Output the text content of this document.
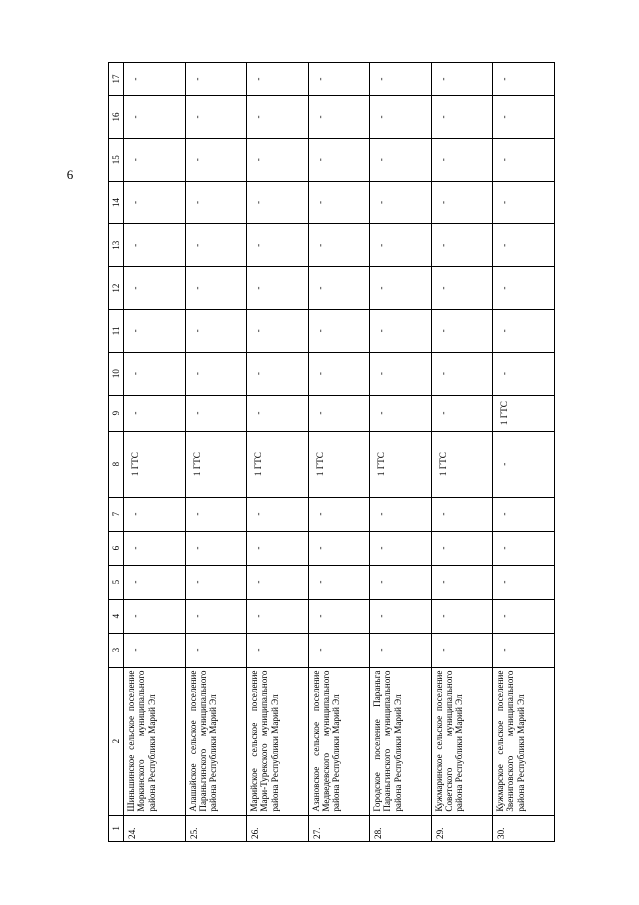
6
1	2	3	4	5	6	7	8	9	10	11	12	13	14	15	16	17
24.	Шиньшинское сельское поселение Моркинского муниципального района Республики Марий Эл	-	-	-	-	-	1 ГТС	-	-	-	-	-	-	-	-	-
25.	Алашайское сельское поселение Параньгинского муниципального района Республики Марий Эл	-	-	-	-	-	1 ГТС	-	-	-	-	-	-	-	-	-
26.	Марийское сельское поселение Мари-Турекского муниципального района Республики Марий Эл	-	-	-	-	-	1 ГТС	-	-	-	-	-	-	-	-	-
27.	Азановское сельское поселение Медведевского муниципального района Республики Марий Эл	-	-	-	-	-	1 ГТС	-	-	-	-	-	-	-	-	-
28.	Городское поселение Параньга Параньгинского муниципального района Республики Марий Эл	-	-	-	-	-	1 ГТС	-	-	-	-	-	-	-	-	-
29.	Кужмаринское сельское поселение Советского муниципального района Республики Марий Эл	-	-	-	-	-	1 ГТС	-	-	-	-	-	-	-	-	-
30.	Кужмарское сельское поселение Звениговского муниципального района Республики Марий Эл	-	-	-	-	-	-	1 ГТС	-	-	-	-	-	-	-	-
